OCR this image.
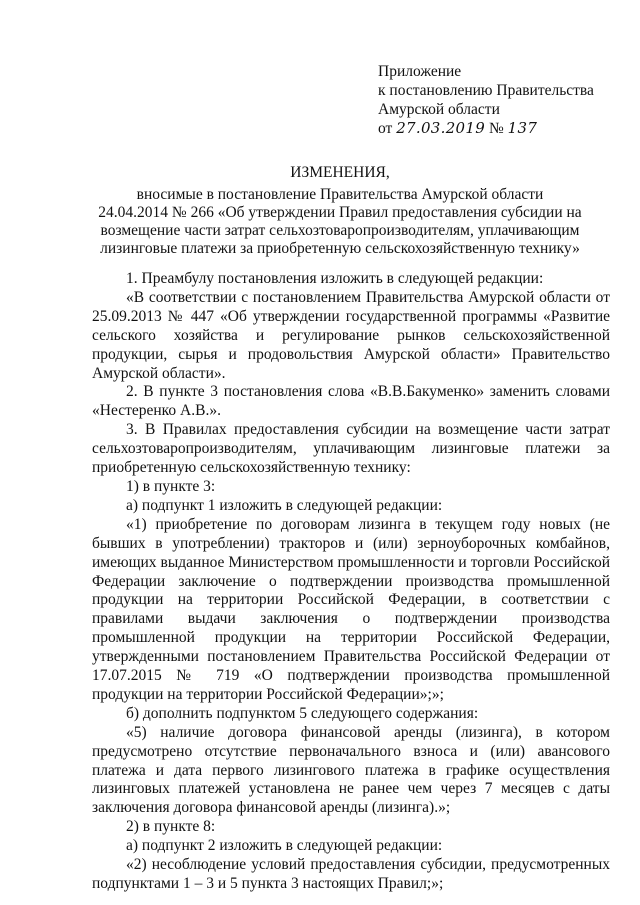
Приложение
к постановлению Правительства
Амурской области
от 27.03.2019 № 137
ИЗМЕНЕНИЯ,
вносимые в постановление Правительства Амурской области
24.04.2014 № 266 «Об утверждении Правил предоставления субсидии на
возмещение части затрат сельхозтоваропроизводителям, уплачивающим
лизинговые платежи за приобретенную сельскохозяйственную технику»

1. Преамбулу постановления изложить в следующей редакции:

«В соответствии с постановлением Правительства Амурской области от 25.09.2013 № 447 «Об утверждении государственной программы «Развитие сельского хозяйства и регулирование рынков сельскохозяйственной продукции, сырья и продовольствия Амурской области» Правительство Амурской области».

2. В пункте 3 постановления слова «В.В.Бакуменко» заменить словами «Нестеренко А.В.».

3. В Правилах предоставления субсидии на возмещение части затрат сельхозтоваропроизводителям, уплачивающим лизинговые платежи за приобретенную сельскохозяйственную технику:

1) в пункте 3:

а) подпункт 1 изложить в следующей редакции:

«1) приобретение по договорам лизинга в текущем году новых (не бывших в употреблении) тракторов и (или) зерноуборочных комбайнов, имеющих выданное Министерством промышленности и торговли Российской Федерации заключение о подтверждении производства промышленной продукции на территории Российской Федерации, в соответствии с правилами выдачи заключения о подтверждении производства промышленной продукции на территории Российской Федерации, утвержденными постановлением Правительства Российской Федерации от 17.07.2015 № 719 «О подтверждении производства промышленной продукции на территории Российской Федерации»;»;

б) дополнить подпунктом 5 следующего содержания:

«5) наличие договора финансовой аренды (лизинга), в котором предусмотрено отсутствие первоначального взноса и (или) авансового платежа и дата первого лизингового платежа в графике осуществления лизинговых платежей установлена не ранее чем через 7 месяцев с даты заключения договора финансовой аренды (лизинга).»;

2) в пункте 8:

а) подпункт 2 изложить в следующей редакции:

«2) несоблюдение условий предоставления субсидии, предусмотренных подпунктами 1 – 3 и 5 пункта 3 настоящих Правил;»;
